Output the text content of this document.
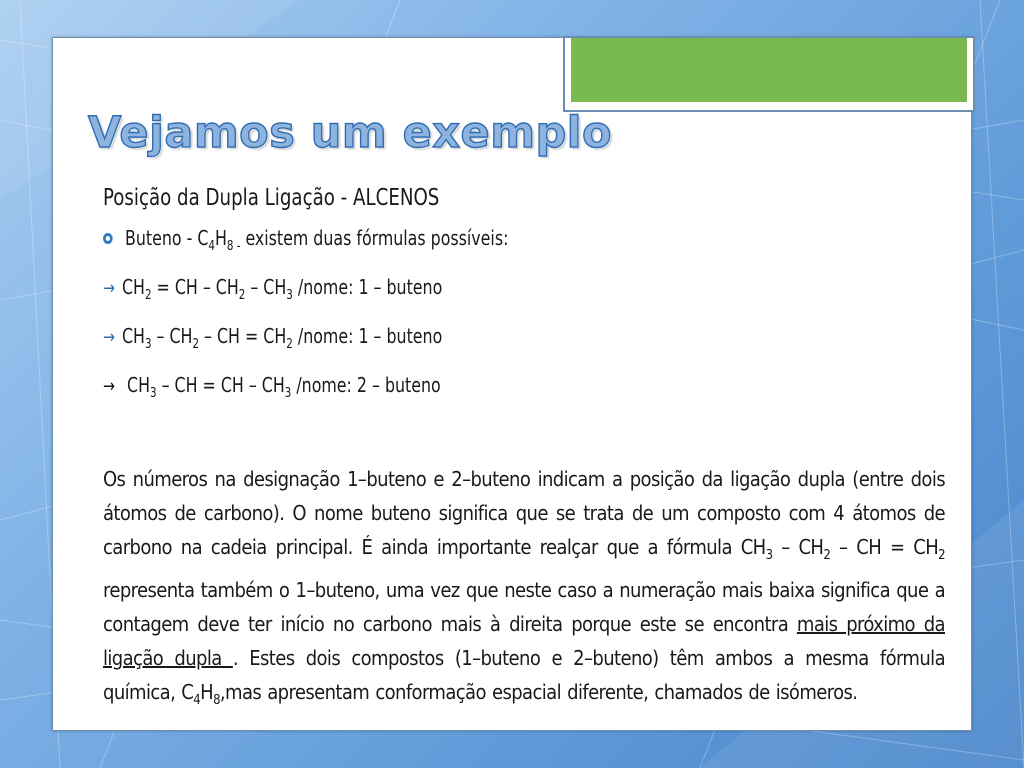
Vejamos um exemplo
Posição da Dupla Ligação - ALCENOS
Buteno - $C_4H_{8 -}$ existem duas fórmulas possíveis:
→ $CH_2$ = CH – $CH_2 - CH_3$ /nome: 1 – buteno
→ $CH_3 - CH_2$ – CH = $CH_2$ /nome: 1 – buteno
→ $CH_3$ – CH = CH – $CH_3$ /nome: 2 – buteno
Os números na designação 1–buteno e 2–buteno indicam a posição da ligação dupla (entre dois átomos de carbono). O nome buteno significa que se trata de um composto com 4 átomos de carbono na cadeia principal. É ainda importante realçar que a fórmula $CH_3 - CH_2$ – CH = $CH_2$ representa também o 1–buteno, uma vez que neste caso a numeração mais baixa significa que a contagem deve ter início no carbono mais à direita porque este se encontra mais próximo da ligação dupla . Estes dois compostos (1–buteno e 2–buteno) têm ambos a mesma fórmula química, $C_4H_8,mas$ apresentam conformação espacial diferente, chamados de isómeros.
